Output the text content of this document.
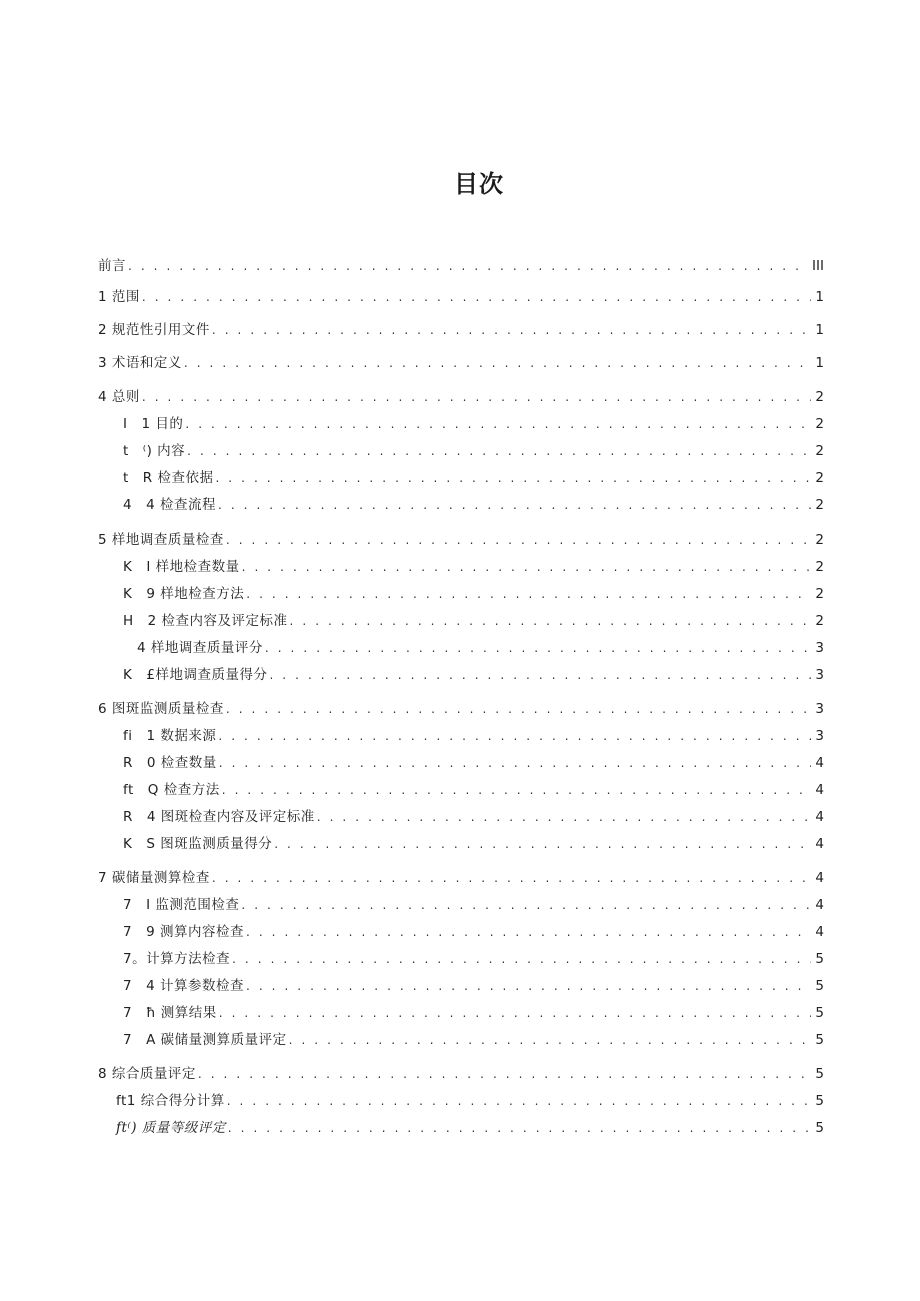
目次
前言 . . .	III
1 范围 . . .	1
2 规范性引用文件 . . .	1
3 术语和定义 . . .	1
4 总则 . . .	2
I　1 目的 . . .	2
t　⁽) 内容 . . .	2
t　R 检查依据 . . .	2
4　4 检查流程 . . .	2
5 样地调查质量检查 . . .	2
K　I 样地检查数量 . . .	2
K　9 样地检查方法 . . .	2
H　2 检查内容及评定标准 . . .	2
　4 样地调查质量评分 . . .	3
K　£样地调查质量得分 . . .	3
6 图斑监测质量检查 . . .	3
fi　1 数据来源 . . .	3
R　0 检查数量 . . .	4
ft　Q 检查方法 . . .	4
R　4 图斑检查内容及评定标准 . . .	4
K　S 图斑监测质量得分 . . .	4
7 碳储量测算检查 . . .	4
7　I 监测范围检查 . . .	4
7　9 测算内容检查 . . .	4
7。计算方法检查 . . .	5
7　4 计算参数检查 . . .	5
7　ħ 测算结果 . . .	5
7　A 碳储量测算质量评定 . . .	5
8 综合质量评定 . . .	5
ft1 综合得分计算 . . .	5
ft⁽) 质量等级评定 . . .	5
